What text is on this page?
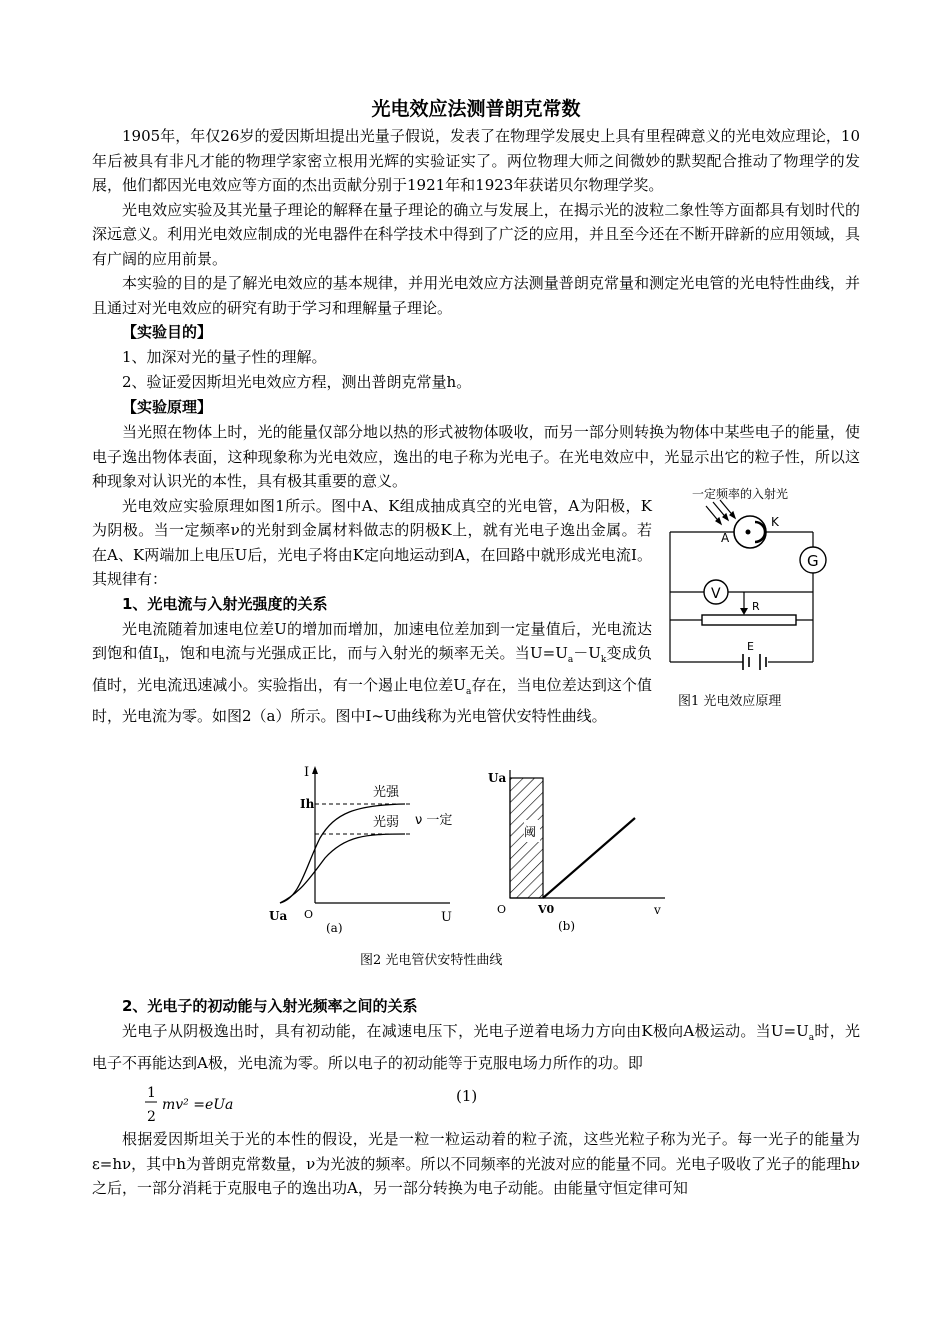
光电效应法测普朗克常数

1905年，年仅26岁的爱因斯坦提出光量子假说，发表了在物理学发展史上具有里程碑意义的光电效应理论，10年后被具有非凡才能的物理学家密立根用光辉的实验证实了。两位物理大师之间微妙的默契配合推动了物理学的发展，他们都因光电效应等方面的杰出贡献分别于1921年和1923年获诺贝尔物理学奖。

光电效应实验及其光量子理论的解释在量子理论的确立与发展上，在揭示光的波粒二象性等方面都具有划时代的深远意义。利用光电效应制成的光电器件在科学技术中得到了广泛的应用，并且至今还在不断开辟新的应用领域，具有广阔的应用前景。

本实验的目的是了解光电效应的基本规律，并用光电效应方法测量普朗克常量和测定光电管的光电特性曲线，并且通过对光电效应的研究有助于学习和理解量子理论。

【实验目的】
1、加深对光的量子性的理解。
2、验证爱因斯坦光电效应方程，测出普朗克常量h。
【实验原理】

当光照在物体上时，光的能量仅部分地以热的形式被物体吸收，而另一部分则转换为物体中某些电子的能量，使电子逸出物体表面，这种现象称为光电效应，逸出的电子称为光电子。在光电效应中，光显示出它的粒子性，所以这种现象对认识光的本性，具有极其重要的意义。

光电效应实验原理如图1所示。图中A、K组成抽成真空的光电管，A为阳极，K为阴极。当一定频率ν的光射到金属材料做志的阴极K上，就有光电子逸出金属。若在A、K两端加上电压U后，光电子将由K定向地运动到A，在回路中就形成光电流I。其规律有：

1、光电流与入射光强度的关系

光电流随着加速电位差U的增加而增加，加速电位差加到一定量值后，光电流达到饱和值$I_h$，饱和电流与光强成正比，而与入射光的频率无关。当$U=U_a-U_k$变成负值时，光电流迅速减小。实验指出，有一个遏止电位差$U_a$存在，当电位差达到这个值时，光电流为零。如图2（a）所示。图中I~U曲线称为光电管伏安特性曲线。

一定频率的入射光
K
A
G
V
R
E
图1 光电效应原理
I
Ih
光强
光弱 ν 一定
Ua O	U
(a)
Ua
阈
O	V0	v
(b)
图2 光电管伏安特性曲线
2、光电子的初动能与入射光频率之间的关系

光电子从阴极逸出时，具有初动能，在减速电压下，光电子逆着电场力方向由K极向A极运动。当$U=U_a$时，光电子不再能达到A极，光电流为零。所以电子的初动能等于克服电场力所作的功。即

1
2
mv² =eUa	(1)

根据爱因斯坦关于光的本性的假设，光是一粒一粒运动着的粒子流，这些光粒子称为光子。每一光子的能量为ε=hν，其中h为普朗克常数量，ν为光波的频率。所以不同频率的光波对应的能量不同。光电子吸收了光子的能理hν之后，一部分消耗于克服电子的逸出功A，另一部分转换为电子动能。由能量守恒定律可知
